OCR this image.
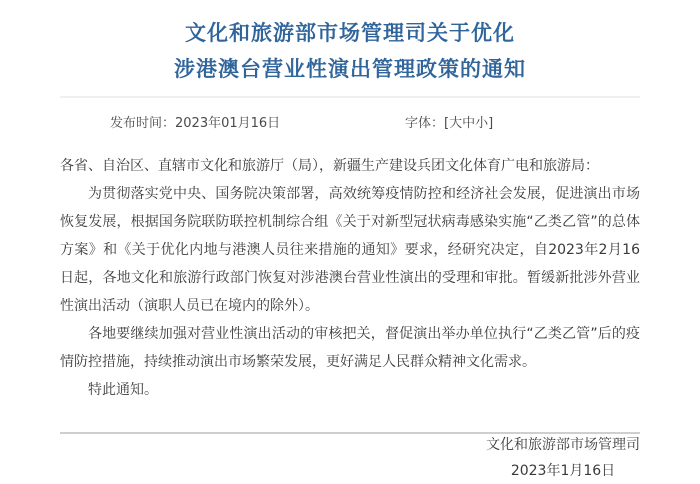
文化和旅游部市场管理司关于优化
涉港澳台营业性演出管理政策的通知
发布时间：2023年01月16日	字体：[大中小]

各省、自治区、直辖市文化和旅游厅（局），新疆生产建设兵团文化体育广电和旅游局：

为贯彻落实党中央、国务院决策部署，高效统筹疫情防控和经济社会发展，促进演出市场恢复发展，根据国务院联防联控机制综合组《关于对新型冠状病毒感染实施“乙类乙管”的总体方案》和《关于优化内地与港澳人员往来措施的通知》要求，经研究决定，自2023年2月16日起，各地文化和旅游行政部门恢复对涉港澳台营业性演出的受理和审批。暂缓新批涉外营业性演出活动（演职人员已在境内的除外）。

各地要继续加强对营业性演出活动的审核把关，督促演出举办单位执行“乙类乙管”后的疫情防控措施，持续推动演出市场繁荣发展，更好满足人民群众精神文化需求。

特此通知。

文化和旅游部市场管理司
2023年1月16日
